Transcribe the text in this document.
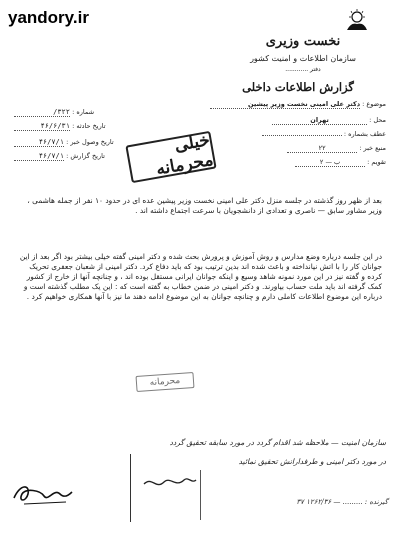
yandory.ir
نخست وزیری
سازمان اطلاعات و امنیت کشور
دفتر ............
گزارش اطلاعات داخلی
موضوع : دکتر علی امینی نخست وزیر پیشین
محل : تهران
عطف بشماره :
منبع خبر : ۲۲
تقویم : ب — ۲
شماره : ۳۲۲/
تاریخ حادثه : ۴۶/۶/۳۱
تاریخ وصول خبر : ۴۶/۷/۱
تاریخ گزارش : ۴۶/۷/۱	خیلی محرمانه
بعد از ظهر روز گذشته در جلسه منزل دکتر علی امینی نخست وزیر پیشین عده ای در حدود ۱۰ نفر از جمله هاشمی ، وزیر مشاور سابق — ناصری و تعدادی از دانشجویان با سرعت اجتماع داشته اند .
در این جلسه درباره وضع مدارس و روش آموزش و پرورش بحث شده و دکتر امینی گفته خیلی بیشتر بود اگر بعد از این جوانان کار را با اتش نیانداخته و باعث شده اند بدین ترتیب بود که باید دفاع کرد. دکتر امینی از شعبان جعفری تحریک کرده و گفته نیز در این مورد نمونه شاهد وسیع و اینکه جوانان ایرانی مستقل بوده اند ، و چنانچه آنها از خارج از کشور کمک گرفته اند باید ملت حساب بیاورند. و دکتر امینی در ضمن خطاب به گفته است که : این یک مطلب گذشته است و درباره این موضوع اطلاعات کاملی دارم و چنانچه جوانان به این موضوع ادامه دهند ما نیز با آنها همکاری خواهیم کرد .
محرمانه
سازمان امنیت — ملاحظه شد اقدام گردد در مورد سابقه تحقیق گردد
در مورد دکتر امینی و طرفدارانش تحقیق نمائید
گیرنده : ......... — ۱۲۶۲/۳۶ ۳۷
